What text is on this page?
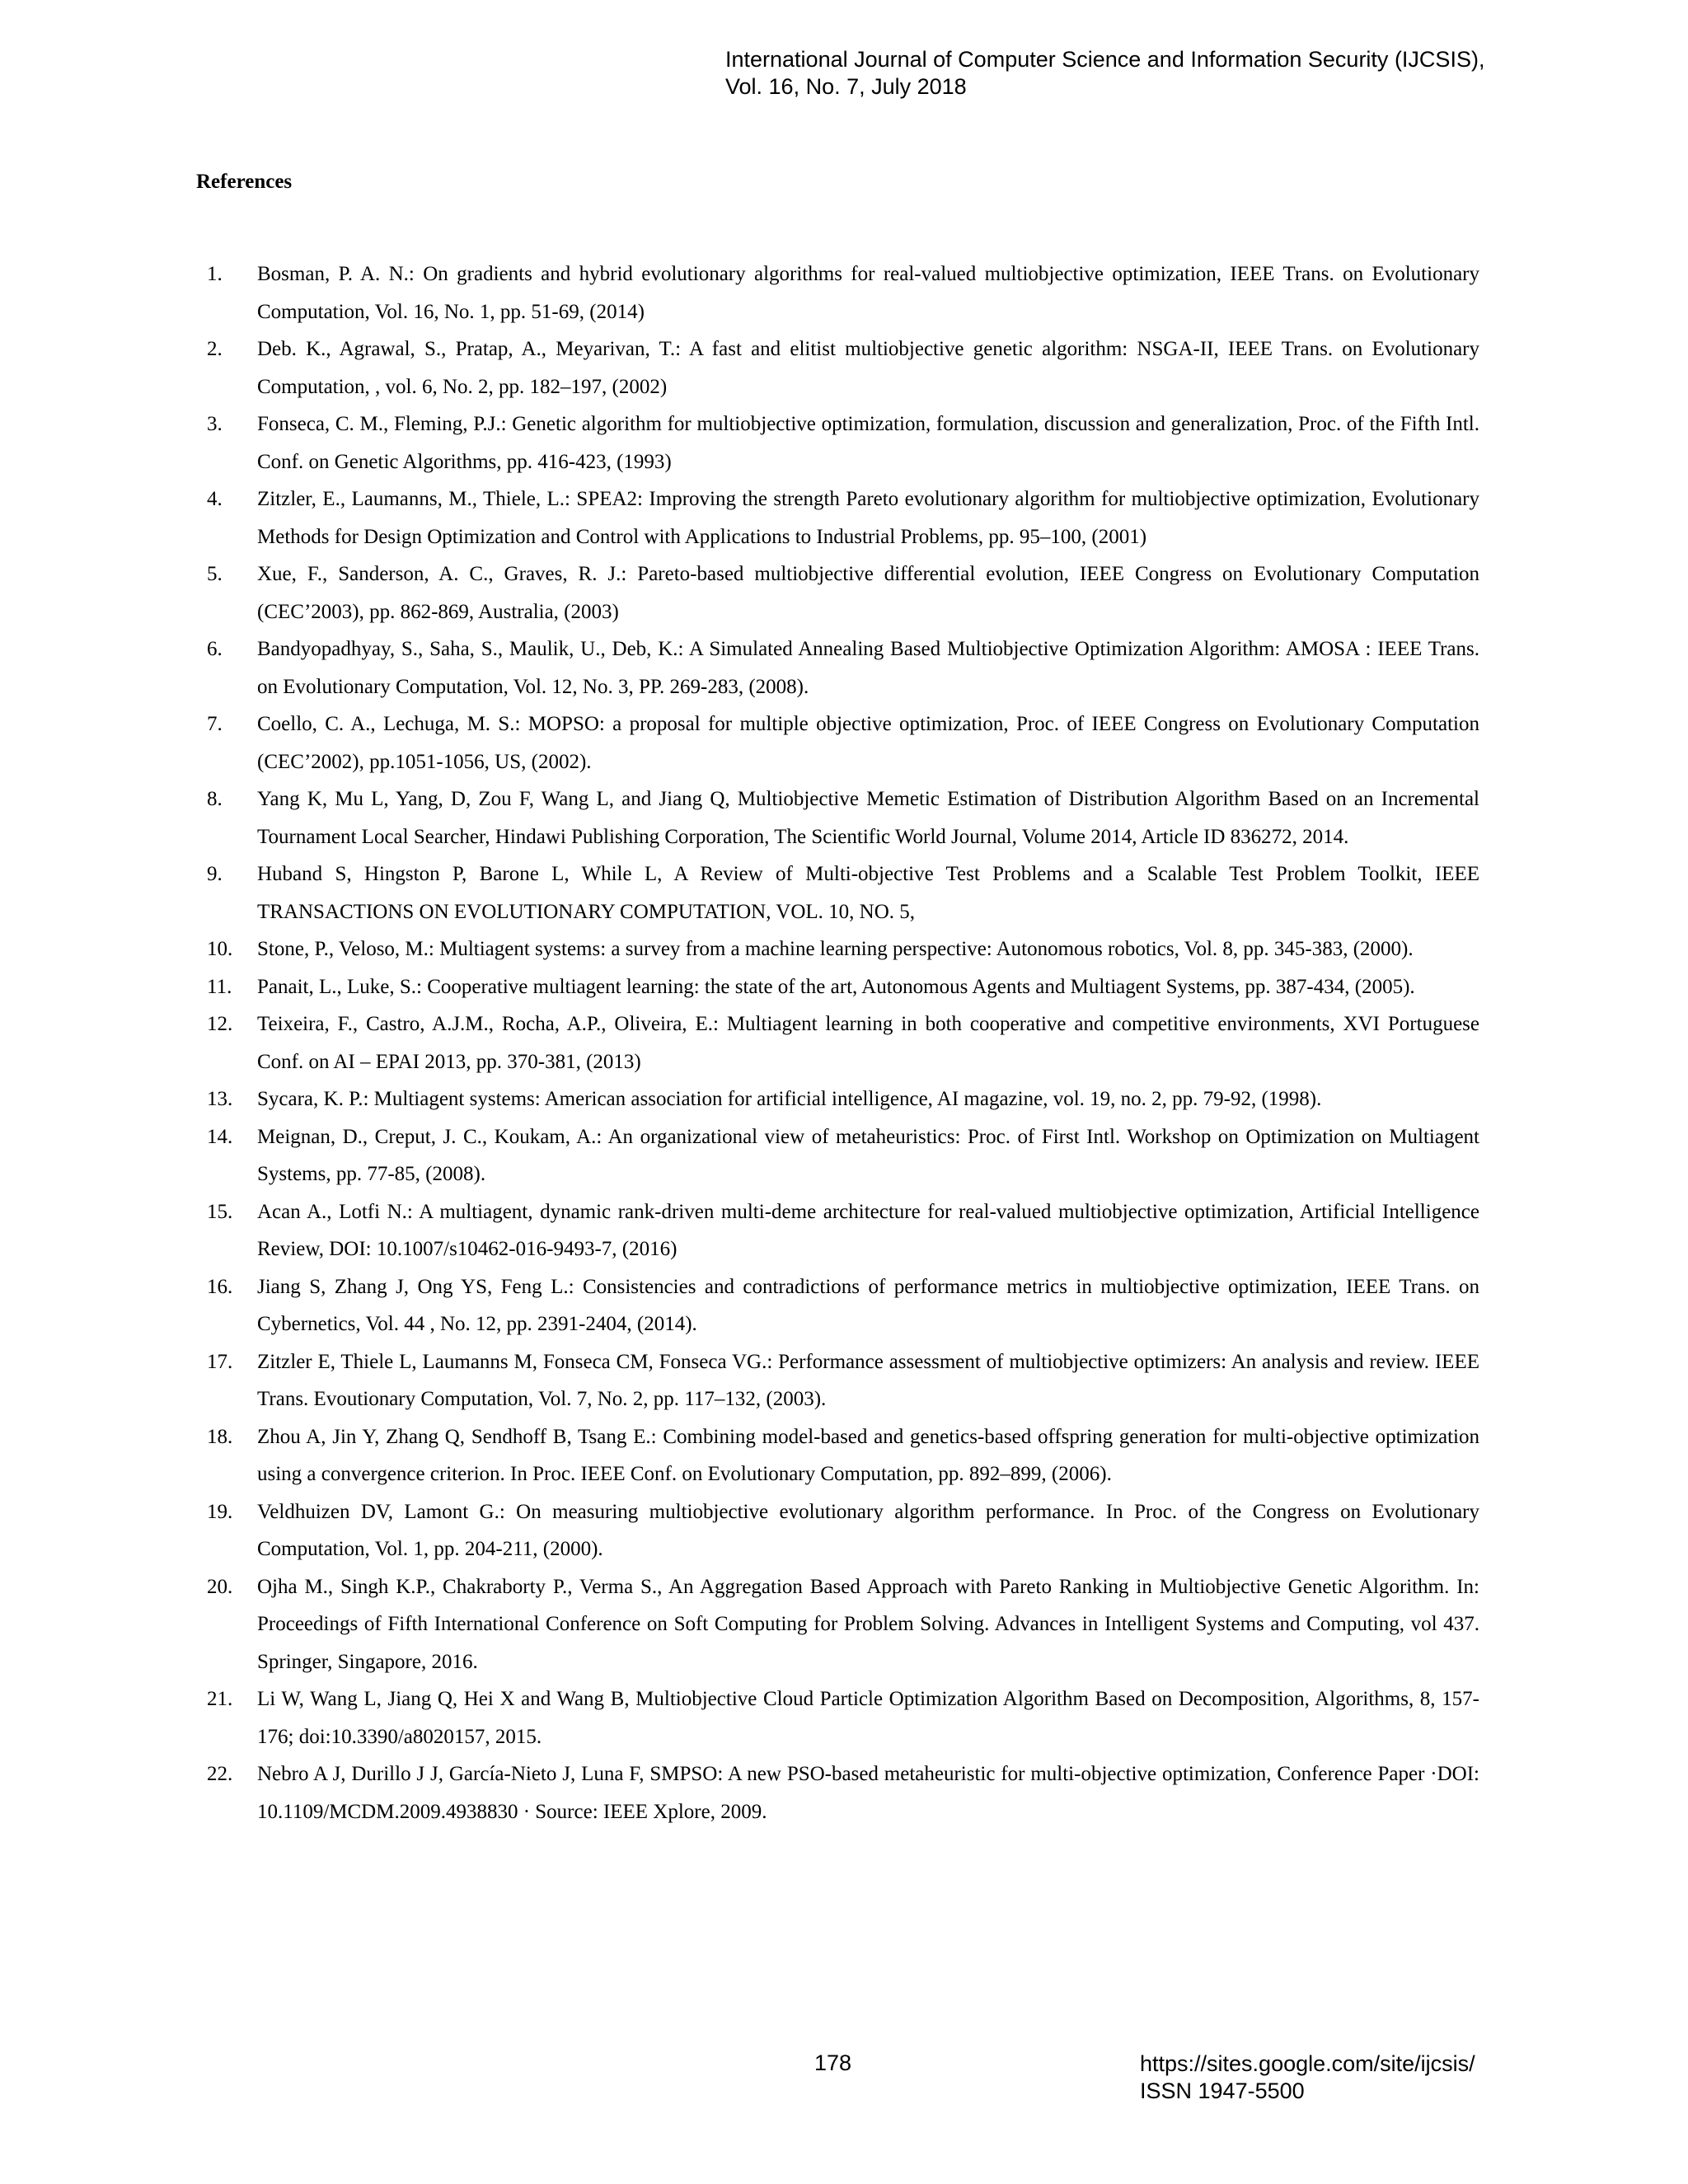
International Journal of Computer Science and Information Security (IJCSIS),
Vol. 16, No. 7, July 2018
References
1. Bosman, P. A. N.: On gradients and hybrid evolutionary algorithms for real-valued multiobjective optimization, IEEE Trans. on Evolutionary Computation, Vol. 16, No. 1, pp. 51-69, (2014)
2. Deb. K., Agrawal, S., Pratap, A., Meyarivan, T.: A fast and elitist multiobjective genetic algorithm: NSGA-II, IEEE Trans. on Evolutionary Computation, , vol. 6, No. 2, pp. 182–197, (2002)
3. Fonseca, C. M., Fleming, P.J.: Genetic algorithm for multiobjective optimization, formulation, discussion and generalization, Proc. of the Fifth Intl. Conf. on Genetic Algorithms, pp. 416-423, (1993)
4. Zitzler, E., Laumanns, M., Thiele, L.: SPEA2: Improving the strength Pareto evolutionary algorithm for multiobjective optimization, Evolutionary Methods for Design Optimization and Control with Applications to Industrial Problems, pp. 95–100, (2001)
5. Xue, F., Sanderson, A. C., Graves, R. J.: Pareto-based multiobjective differential evolution, IEEE Congress on Evolutionary Computation (CEC’2003), pp. 862-869, Australia, (2003)
6. Bandyopadhyay, S., Saha, S., Maulik, U., Deb, K.: A Simulated Annealing Based Multiobjective Optimization Algorithm: AMOSA : IEEE Trans. on Evolutionary Computation, Vol. 12, No. 3, PP. 269-283, (2008).
7. Coello, C. A., Lechuga, M. S.: MOPSO: a proposal for multiple objective optimization, Proc. of IEEE Congress on Evolutionary Computation (CEC’2002), pp.1051-1056, US, (2002).
8. Yang K, Mu L, Yang, D, Zou F, Wang L, and Jiang Q, Multiobjective Memetic Estimation of Distribution Algorithm Based on an Incremental Tournament Local Searcher, Hindawi Publishing Corporation, The Scientific World Journal, Volume 2014, Article ID 836272, 2014.
9. Huband S, Hingston P, Barone L, While L, A Review of Multi-objective Test Problems and a Scalable Test Problem Toolkit, IEEE TRANSACTIONS ON EVOLUTIONARY COMPUTATION, VOL. 10, NO. 5,
10. Stone, P., Veloso, M.: Multiagent systems: a survey from a machine learning perspective: Autonomous robotics, Vol. 8, pp. 345-383, (2000).
11. Panait, L., Luke, S.: Cooperative multiagent learning: the state of the art, Autonomous Agents and Multiagent Systems, pp. 387-434, (2005).
12. Teixeira, F., Castro, A.J.M., Rocha, A.P., Oliveira, E.: Multiagent learning in both cooperative and competitive environments, XVI Portuguese Conf. on AI – EPAI 2013, pp. 370-381, (2013)
13. Sycara, K. P.: Multiagent systems: American association for artificial intelligence, AI magazine, vol. 19, no. 2, pp. 79-92, (1998).
14. Meignan, D., Creput, J. C., Koukam, A.: An organizational view of metaheuristics: Proc. of First Intl. Workshop on Optimization on Multiagent Systems, pp. 77-85, (2008).
15. Acan A., Lotfi N.: A multiagent, dynamic rank-driven multi-deme architecture for real-valued multiobjective optimization, Artificial Intelligence Review, DOI: 10.1007/s10462-016-9493-7, (2016)
16. Jiang S, Zhang J, Ong YS, Feng L.: Consistencies and contradictions of performance metrics in multiobjective optimization, IEEE Trans. on Cybernetics, Vol. 44 , No. 12, pp. 2391-2404, (2014).
17. Zitzler E, Thiele L, Laumanns M, Fonseca CM, Fonseca VG.: Performance assessment of multiobjective optimizers: An analysis and review. IEEE Trans. Evoutionary Computation, Vol. 7, No. 2, pp. 117–132, (2003).
18. Zhou A, Jin Y, Zhang Q, Sendhoff B, Tsang E.: Combining model-based and genetics-based offspring generation for multi-objective optimization using a convergence criterion. In Proc. IEEE Conf. on Evolutionary Computation, pp. 892–899, (2006).
19. Veldhuizen DV, Lamont G.: On measuring multiobjective evolutionary algorithm performance. In Proc. of the Congress on Evolutionary Computation, Vol. 1, pp. 204-211, (2000).
20. Ojha M., Singh K.P., Chakraborty P., Verma S., An Aggregation Based Approach with Pareto Ranking in Multiobjective Genetic Algorithm. In: Proceedings of Fifth International Conference on Soft Computing for Problem Solving. Advances in Intelligent Systems and Computing, vol 437. Springer, Singapore, 2016.
21. Li W, Wang L, Jiang Q, Hei X and Wang B, Multiobjective Cloud Particle Optimization Algorithm Based on Decomposition, Algorithms, 8, 157-176; doi:10.3390/a8020157, 2015.
22. Nebro A J, Durillo J J, García-Nieto J, Luna F, SMPSO: A new PSO-based metaheuristic for multi-objective optimization, Conference Paper ·DOI: 10.1109/MCDM.2009.4938830 · Source: IEEE Xplore, 2009.
178	https://sites.google.com/site/ijcsis/
ISSN 1947-5500
